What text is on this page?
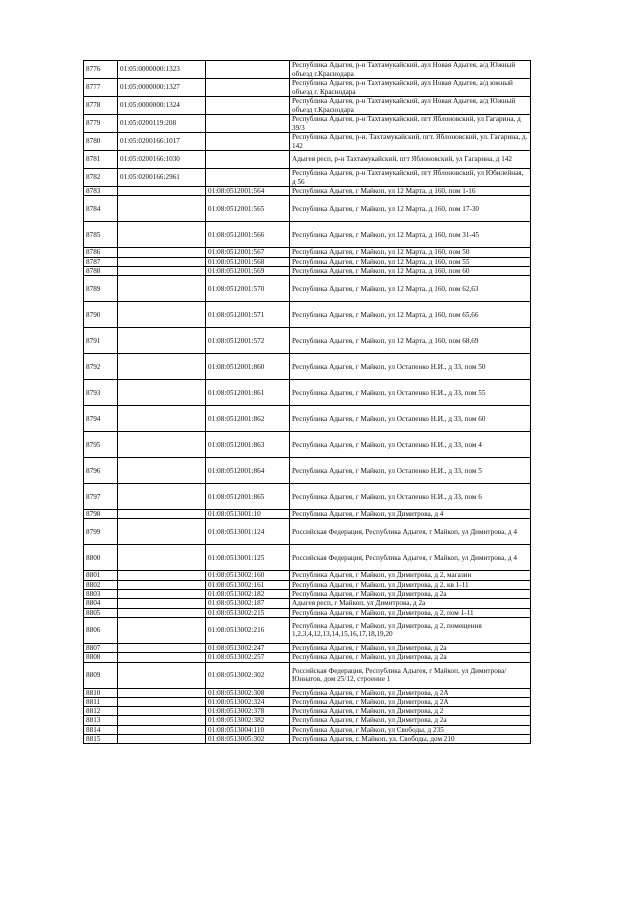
8776	01:05:0000000:1323		Республика Адыгея, р-н Тахтамукайский, аул Новая Адыгея, а/д Южный объезд г.Краснодара
8777	01:05:0000000:1327		Республика Адыгея, р-н Тахтамукайский, аул Новая Адыгея, а/д южный объезд г. Краснодара
8778	01:05:0000000:1324		Республика Адыгея, р-н Тахтамукайский, аул Новая Адыгея, а/д Южный объезд г.Краснодара
8779	01:05:0200119:208		Республика Адыгея, р-н Тахтамукайский, пгт Яблоновский, ул Гагарина, д 39/3
8780	01:05:0200166:1017		Республика Адыгея, р-н. Тахтамукайский, пгт. Яблоновский, ул. Гагарина, д. 142
8781	01:05:0200166:1030		Адыгея респ, р-н Тахтамукайский, пгт Яблоновский, ул Гагарина, д 142
8782	01:05:0200166:2961		Республика Адыгея, р-н Тахтамукайский, пгт Яблоновский, ул Юбилейная, д 56
8783		01:08:0512001:564	Республика Адыгея, г Майкоп, ул 12 Марта, д 160, пом 1-16
8784		01:08:0512001:565	Республика Адыгея, г Майкоп, ул 12 Марта, д 160, пом 17-30
8785		01:08:0512001:566	Республика Адыгея, г Майкоп, ул 12 Марта, д 160, пом 31-45
8786		01:08:0512001:567	Республика Адыгея, г Майкоп, ул 12 Марта, д 160, пом 50
8787		01:08:0512001:568	Республика Адыгея, г Майкоп, ул 12 Марта, д 160, пом 55
8788		01:08:0512001:569	Республика Адыгея, г Майкоп, ул 12 Марта, д 160, пом 60
8789		01:08:0512001:570	Республика Адыгея, г Майкоп, ул 12 Марта, д 160, пом 62,63
8790		01:08:0512001:571	Республика Адыгея, г Майкоп, ул 12 Марта, д 160, пом 65,66
8791		01:08:0512001:572	Республика Адыгея, г Майкоп, ул 12 Марта, д 160, пом 68,69
8792		01:08:0512001:860	Республика Адыгея, г Майкоп, ул Остапенко Н.И., д 33, пом 50
8793		01:08:0512001:861	Республика Адыгея, г Майкоп, ул Остапенко Н.И., д 33, пом 55
8794		01:08:0512001:862	Республика Адыгея, г Майкоп, ул Остапенко Н.И., д 33, пом 60
8795		01:08:0512001:863	Республика Адыгея, г Майкоп, ул Остапенко Н.И., д 33, пом 4
8796		01:08:0512001:864	Республика Адыгея, г Майкоп, ул Остапенко Н.И., д 33, пом 5
8797		01:08:0512001:865	Республика Адыгея, г Майкоп, ул Остапенко Н.И., д 33, пом 6
8798		01:08:0513001:10	Республика Адыгея, г Майкоп, ул Димитрова, д 4
8799		01:08:0513001:124	Российская Федерация, Республика Адыгея, г Майкоп, ул Димитрова, д 4
8800		01:08:0513001:125	Российская Федерация, Республика Адыгея, г Майкоп, ул Димитрова, д 4
8801		01:08:0513002:160	Республика Адыгея, г Майкоп, ул Димитрова, д 2, магазин
8802		01:08:0513002:161	Республика Адыгея, г Майкоп, ул Димитрова, д 2, кв 1-11
8803		01:08:0513002:182	Республика Адыгея, г Майкоп, ул Димитрова, д 2а
8804		01:08:0513002:187	Адыгея респ, г Майкоп, ул Димитрова, д 2а
8805		01:08:0513002:215	Республика Адыгея, г Майкоп, ул Димитрова, д 2, пом 1-11
8806		01:08:0513002:216	Республика Адыгея, г Майкоп, ул Димитрова, д 2, помещения 1,2,3,4,12,13,14,15,16,17,18,19,20
8807		01:08:0513002:247	Республика Адыгея, г Майкоп, ул Димитрова, д 2а
8808		01:08:0513002:257	Республика Адыгея, г Майкоп, ул Димитрова, д 2а
8809		01:08:0513002:302	Российская Федерация, Республика Адыгея, г Майкоп, ул Димитрова/Юннатов, дом 25/12, строение 1
8810		01:08:0513002:308	Республика Адыгея, г Майкоп, ул Димитрова, д 2А
8811		01:08:0513002:324	Республика Адыгея, г Майкоп, ул Димитрова, д 2А
8812		01:08:0513002:378	Республика Адыгея, г Майкоп, ул Димитрова, д 2
8813		01:08:0513002:382	Республика Адыгея, г Майкоп, ул Димитрова, д 2а
8814		01:08:0513004:110	Республика Адыгея, г Майкоп, ул Свободы, д 235
8815		01:08:0513005:302	Республика Адыгея, г. Майкоп, ул. Свободы, дом 210
